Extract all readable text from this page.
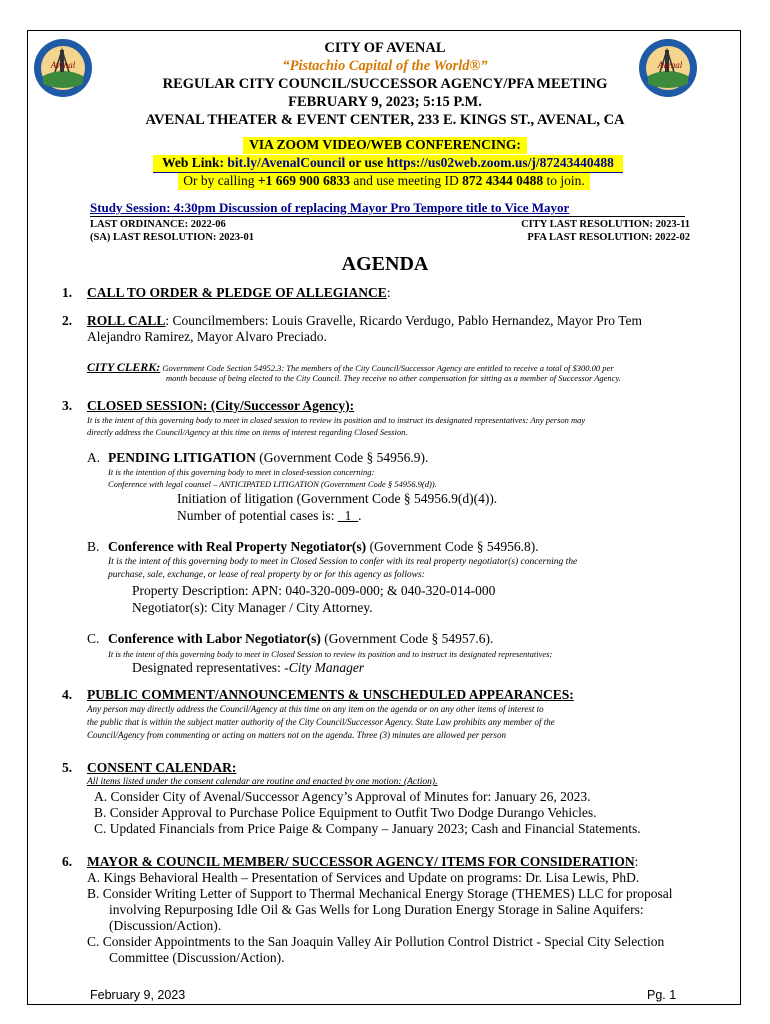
Avenal	Avenal
CITY OF AVENAL
“Pistachio Capital of the World®”
REGULAR CITY COUNCIL/SUCCESSOR AGENCY/PFA MEETING
FEBRUARY 9, 2023; 5:15 P.M.
AVENAL THEATER & EVENT CENTER, 233 E. KINGS ST., AVENAL, CA
VIA ZOOM VIDEO/WEB CONFERENCING:
Web Link: bit.ly/AvenalCouncil or use https://us02web.zoom.us/j/87243440488
Or by calling +1 669 900 6833 and use meeting ID 872 4344 0488 to join.
Study Session: 4:30pm Discussion of replacing Mayor Pro Tempore title to Vice Mayor
LAST ORDINANCE: 2022-06
(SA) LAST RESOLUTION: 2023-01
CITY LAST RESOLUTION: 2023-11
PFA LAST RESOLUTION: 2022-02
AGENDA
1. CALL TO ORDER & PLEDGE OF ALLEGIANCE:
2. ROLL CALL: Councilmembers: Louis Gravelle, Ricardo Verdugo, Pablo Hernandez, Mayor Pro Tem
Alejandro Ramirez, Mayor Alvaro Preciado.
CITY CLERK: Government Code Section 54952.3: The members of the City Council/Successor Agency are entitled to receive a total of $300.00 per
month because of being elected to the City Council. They receive no other compensation for sitting as a member of Successor Agency.
3. CLOSED SESSION: (City/Successor Agency):
It is the intent of this governing body to meet in closed session to review its position and to instruct its designated representatives: Any person may
directly address the Council/Agency at this time on items of interest regarding Closed Session.
A. PENDING LITIGATION (Government Code § 54956.9).
It is the intention of this governing body to meet in closed-session concerning:
Conference with legal counsel – ANTICIPATED LITIGATION (Government Code § 54956.9(d)).
Initiation of litigation (Government Code § 54956.9(d)(4)).
Number of potential cases is: _1_.
B. Conference with Real Property Negotiator(s) (Government Code § 54956.8).
It is the intent of this governing body to meet in Closed Session to confer with its real property negotiator(s) concerning the
purchase, sale, exchange, or lease of real property by or for this agency as follows:
Property Description: APN: 040-320-009-000; & 040-320-014-000
Negotiator(s): City Manager / City Attorney.
C. Conference with Labor Negotiator(s) (Government Code § 54957.6).
It is the intent of this governing body to meet in Closed Session to review its position and to instruct its designated representatives:
Designated representatives: -City Manager
4. PUBLIC COMMENT/ANNOUNCEMENTS & UNSCHEDULED APPEARANCES:
Any person may directly address the Council/Agency at this time on any item on the agenda or on any other items of interest to
the public that is within the subject matter authority of the City Council/Successor Agency. State Law prohibits any member of the
Council/Agency from commenting or acting on matters not on the agenda. Three (3) minutes are allowed per person
5. CONSENT CALENDAR:
All items listed under the consent calendar are routine and enacted by one motion: (Action).
A. Consider City of Avenal/Successor Agency’s Approval of Minutes for: January 26, 2023.
B. Consider Approval to Purchase Police Equipment to Outfit Two Dodge Durango Vehicles.
C. Updated Financials from Price Paige & Company – January 2023; Cash and Financial Statements.
6. MAYOR & COUNCIL MEMBER/ SUCCESSOR AGENCY/ ITEMS FOR CONSIDERATION:
A. Kings Behavioral Health – Presentation of Services and Update on programs: Dr. Lisa Lewis, PhD.
B. Consider Writing Letter of Support to Thermal Mechanical Energy Storage (THEMES) LLC for proposal
involving Repurposing Idle Oil & Gas Wells for Long Duration Energy Storage in Saline Aquifers:
(Discussion/Action).
C. Consider Appointments to the San Joaquin Valley Air Pollution Control District - Special City Selection
Committee (Discussion/Action).
February 9, 2023	Pg. 1
